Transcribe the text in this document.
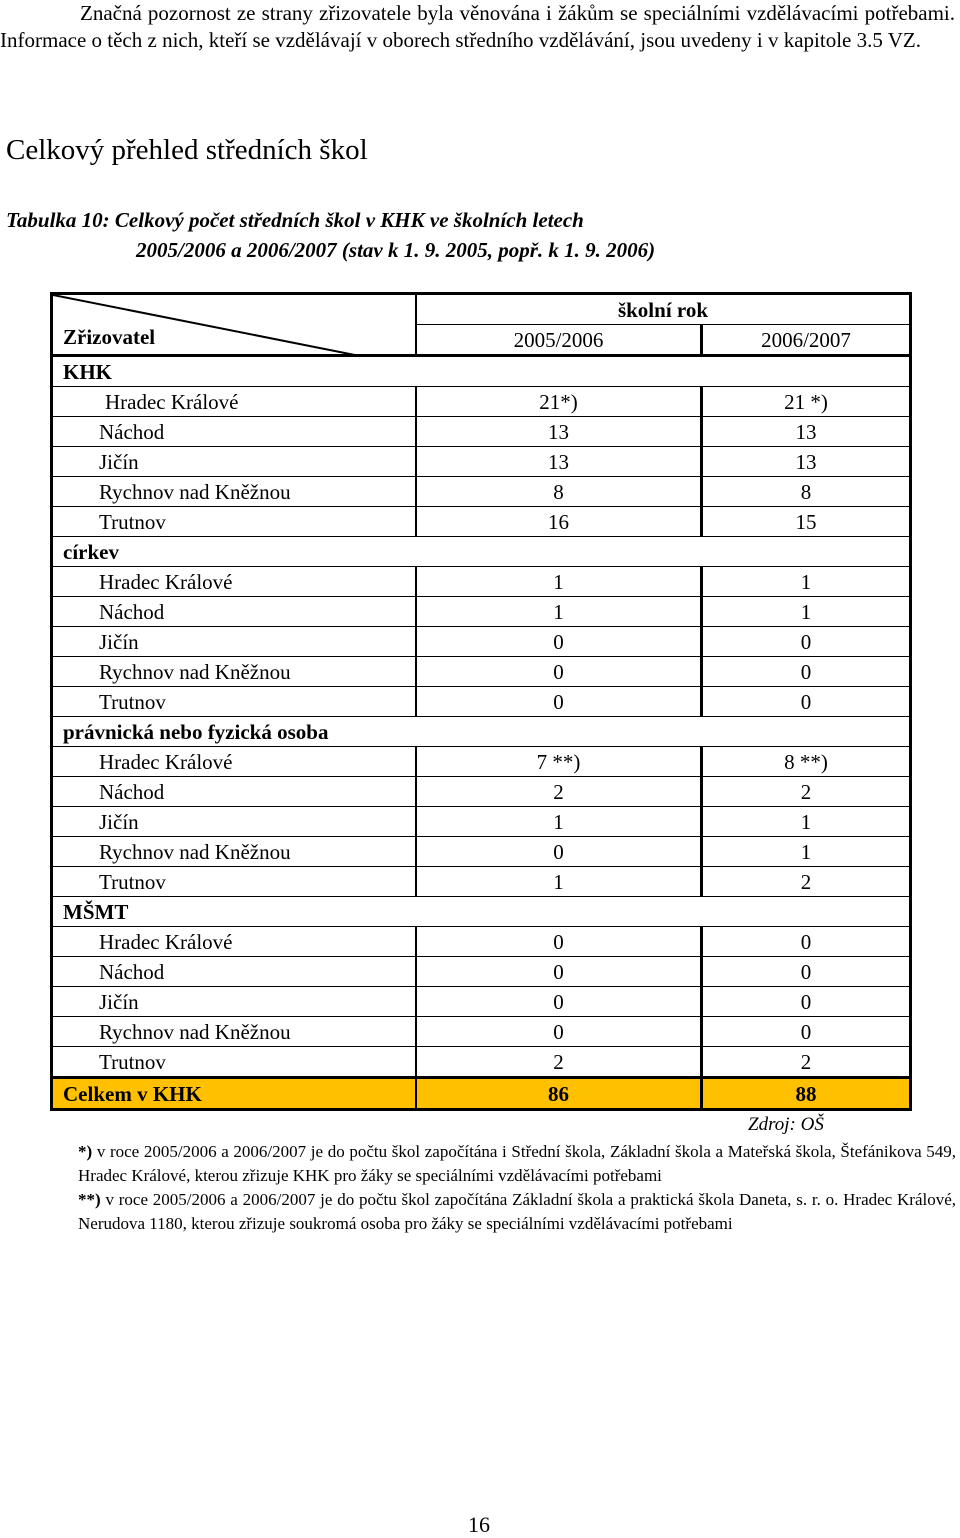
Značná pozornost ze strany zřizovatele byla věnována i žákům se speciálními vzdělávacími potřebami. Informace o těch z nich, kteří se vzdělávají v oborech středního vzdělávání, jsou uvedeny i v kapitole 3.5 VZ.

Celkový přehled středních škol
Tabulka 10: Celkový počet středních škol v KHK ve školních letech
2005/2006 a 2006/2007 (stav k 1. 9. 2005, popř. k 1. 9. 2006)
Zřizovatel	školní rok	
	2005/2006	2006/2007
KHK		
Hradec Králové	21*)	21 *)
Náchod	13	13
Jičín	13	13
Rychnov nad Kněžnou	8	8
Trutnov	16	15
církev		
Hradec Králové	1	1
Náchod	1	1
Jičín	0	0
Rychnov nad Kněžnou	0	0
Trutnov	0	0
právnická nebo fyzická osoba		
Hradec Králové	7 **)	8 **)
Náchod	2	2
Jičín	1	1
Rychnov nad Kněžnou	0	1
Trutnov	1	2
MŠMT		
Hradec Králové	0	0
Náchod	0	0
Jičín	0	0
Rychnov nad Kněžnou	0	0
Trutnov	2	2
Celkem v KHK	86	88
Zdroj: OŠ

*) v roce 2005/2006 a 2006/2007 je do počtu škol započítána i Střední škola, Základní škola a Mateřská škola, Štefánikova 549, Hradec Králové, kterou zřizuje KHK pro žáky se speciálními vzdělávacími potřebami

**) v roce 2005/2006 a 2006/2007 je do počtu škol započítána Základní škola a praktická škola Daneta, s. r. o. Hradec Králové, Nerudova 1180, kterou zřizuje soukromá osoba pro žáky se speciálními vzdělávacími potřebami

16
